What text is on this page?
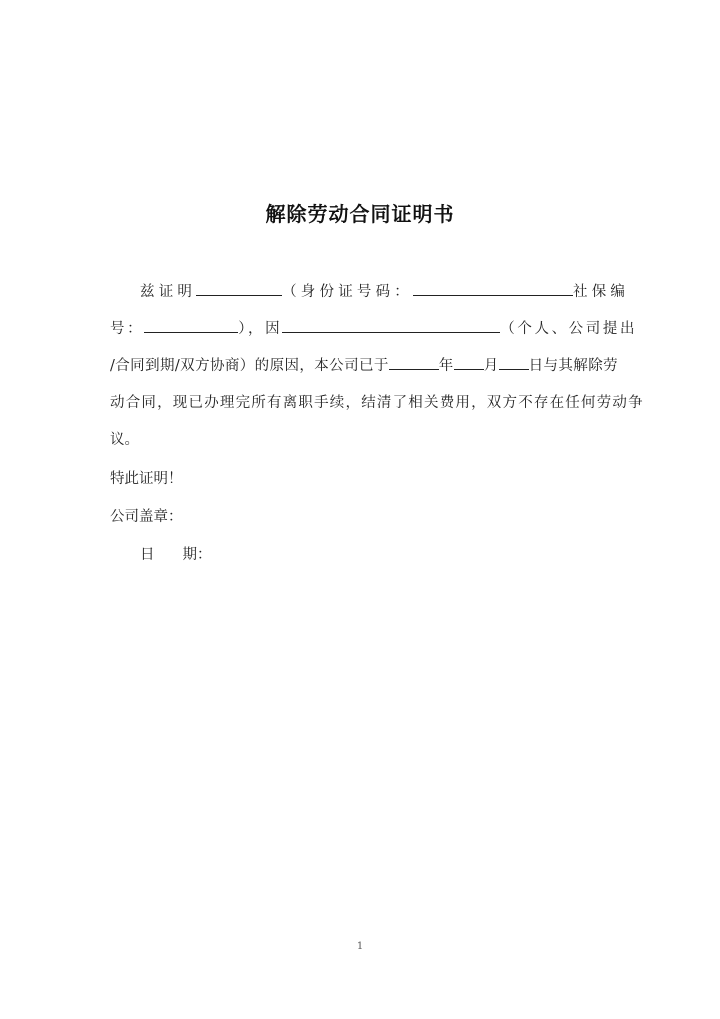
解除劳动合同证明书
兹证明	（身份证号码：	社保编
号：	），因	（个人、公司提出
/合同到期/双方协商）的原因，本公司已于	年 月 日与其解除劳
动合同，现已办理完所有离职手续，结清了相关费用，双方不存在任何劳动争
议。
特此证明！
公司盖章：
日 期：
1
